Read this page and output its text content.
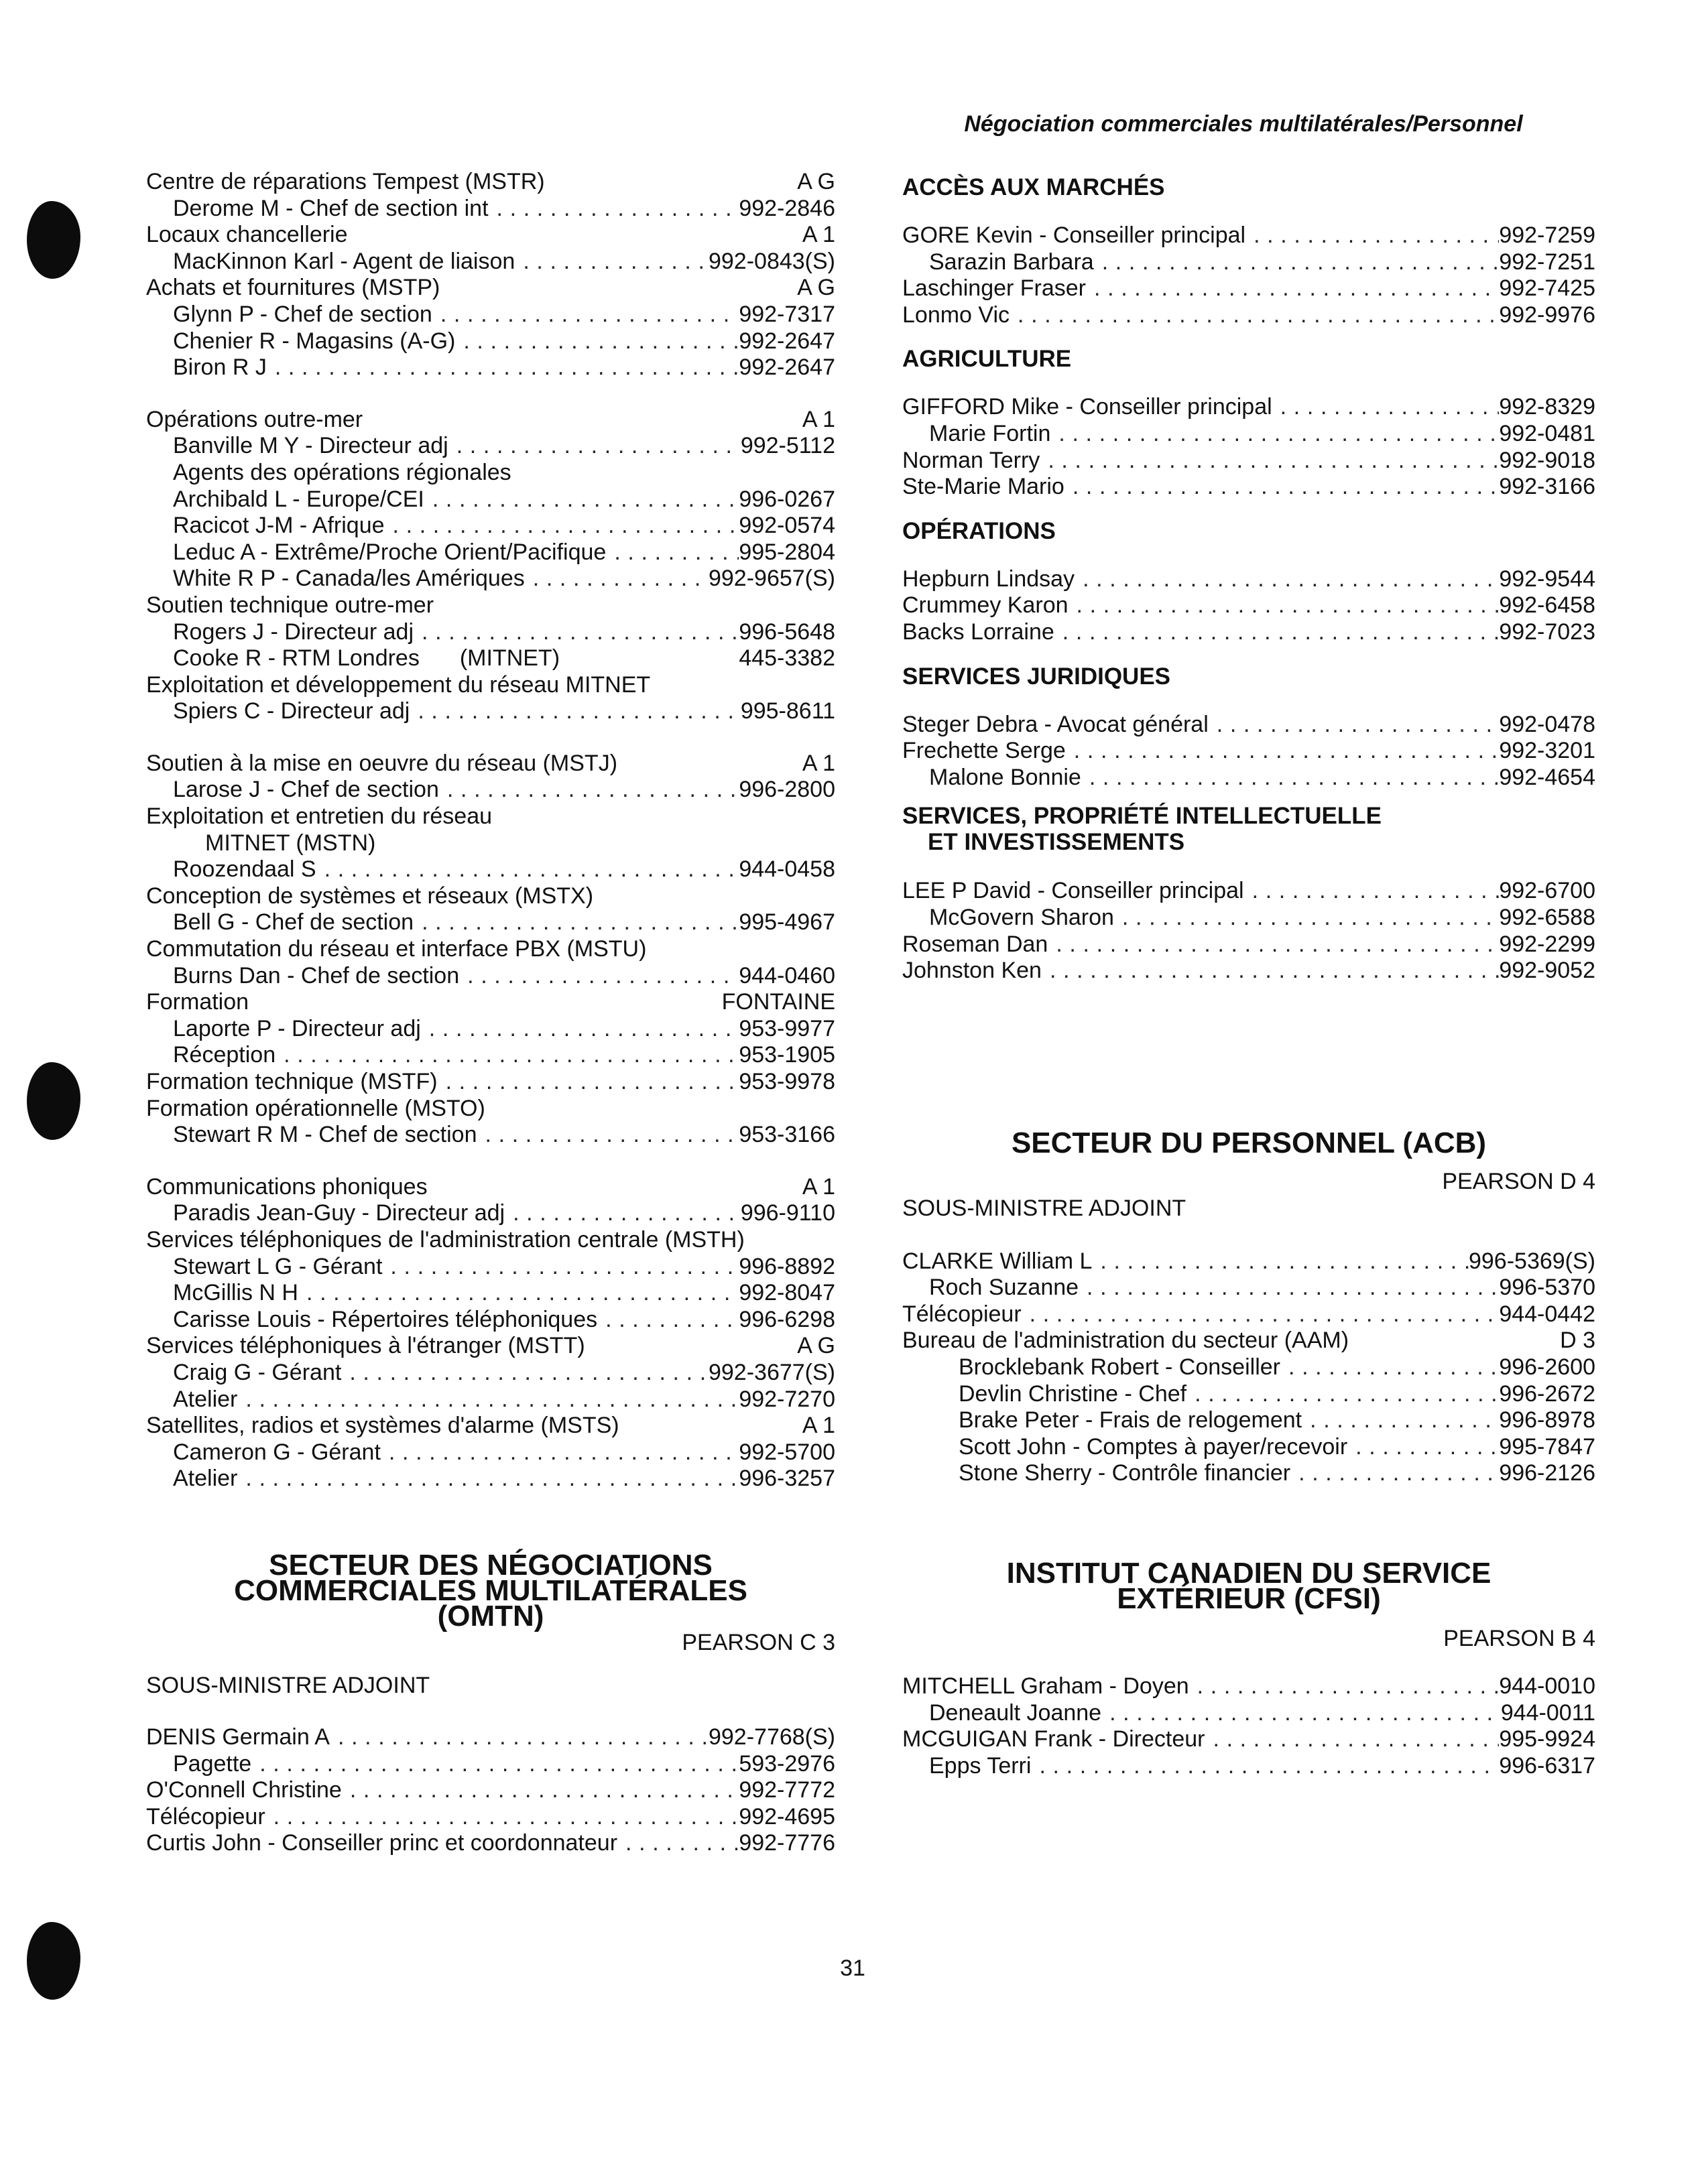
Négociation commerciales multilatérales/Personnel
Centre de réparations Tempest (MSTR)	A G
Derome M - Chef de section int . . .	992-2846
Locaux chancellerie	A 1
MacKinnon Karl - Agent de liaison . . .	992-0843(S)
Achats et fournitures (MSTP)	A G
Glynn P - Chef de section . . .	992-7317
Chenier R - Magasins (A-G) . . .	992-2647
Biron R J . . .	992-2647
Opérations outre-mer	A 1
Banville M Y - Directeur adj . . .	992-5112
Agents des opérations régionales
Archibald L - Europe/CEI . . .	996-0267
Racicot J-M - Afrique . . .	992-0574
Leduc A - Extrême/Proche Orient/Pacifique . . .	995-2804
White R P - Canada/les Amériques . . .	992-9657(S)
Soutien technique outre-mer
Rogers J - Directeur adj . . .	996-5648
Cooke R - RTM Londres	(MITNET)	445-3382
Exploitation et développement du réseau MITNET
Spiers C - Directeur adj . . .	995-8611
Soutien à la mise en oeuvre du réseau (MSTJ)	A 1
Larose J - Chef de section . . .	996-2800
Exploitation et entretien du réseau
MITNET (MSTN)
Roozendaal S . . .	944-0458
Conception de systèmes et réseaux (MSTX)
Bell G - Chef de section . . .	995-4967
Commutation du réseau et interface PBX (MSTU)
Burns Dan - Chef de section . . .	944-0460
Formation	FONTAINE
Laporte P - Directeur adj . . .	953-9977
Réception . . .	953-1905
Formation technique (MSTF) . . .	953-9978
Formation opérationnelle (MSTO)
Stewart R M - Chef de section . . .	953-3166
Communications phoniques	A 1
Paradis Jean-Guy - Directeur adj . . .	996-9110
Services téléphoniques de l'administration centrale (MSTH)
Stewart L G - Gérant . . .	996-8892
McGillis N H . . .	992-8047
Carisse Louis - Répertoires téléphoniques . . .	996-6298
Services téléphoniques à l'étranger (MSTT)	A G
Craig G - Gérant . . .	992-3677(S)
Atelier . . .	992-7270
Satellites, radios et systèmes d'alarme (MSTS)	A 1
Cameron G - Gérant . . .	992-5700
Atelier . . .	996-3257
SECTEUR DES NÉGOCIATIONS
COMMERCIALES MULTILATÉRALES
(OMTN)
PEARSON C 3
SOUS-MINISTRE ADJOINT
DENIS Germain A . . .	992-7768(S)
Pagette . . .	593-2976
O'Connell Christine . . .	992-7772
Télécopieur . . .	992-4695
Curtis John - Conseiller princ et coordonnateur . . .	992-7776
ACCÈS AUX MARCHÉS
GORE Kevin - Conseiller principal . . .	992-7259
Sarazin Barbara . . .	992-7251
Laschinger Fraser . . .	992-7425
Lonmo Vic . . .	992-9976
AGRICULTURE
GIFFORD Mike - Conseiller principal . . .	992-8329
Marie Fortin . . .	992-0481
Norman Terry . . .	992-9018
Ste-Marie Mario . . .	992-3166
OPÉRATIONS
Hepburn Lindsay . . .	992-9544
Crummey Karon . . .	992-6458
Backs Lorraine . . .	992-7023
SERVICES JURIDIQUES
Steger Debra - Avocat général . . .	992-0478
Frechette Serge . . .	992-3201
Malone Bonnie . . .	992-4654
SERVICES, PROPRIÉTÉ INTELLECTUELLE
ET INVESTISSEMENTS
LEE P David - Conseiller principal . . .	992-6700
McGovern Sharon . . .	992-6588
Roseman Dan . . .	992-2299
Johnston Ken . . .	992-9052
SECTEUR DU PERSONNEL (ACB)
PEARSON D 4
SOUS-MINISTRE ADJOINT
CLARKE William L . . .	996-5369(S)
Roch Suzanne . . .	996-5370
Télécopieur . . .	944-0442
Bureau de l'administration du secteur (AAM)	D 3
Brocklebank Robert - Conseiller . . .	996-2600
Devlin Christine - Chef . . .	996-2672
Brake Peter - Frais de relogement . . .	996-8978
Scott John - Comptes à payer/recevoir . . .	995-7847
Stone Sherry - Contrôle financier . . .	996-2126
INSTITUT CANADIEN DU SERVICE
EXTÉRIEUR (CFSI)
PEARSON B 4
MITCHELL Graham - Doyen . . .	944-0010
Deneault Joanne . . .	944-0011
MCGUIGAN Frank - Directeur . . .	995-9924
Epps Terri . . .	996-6317
31
